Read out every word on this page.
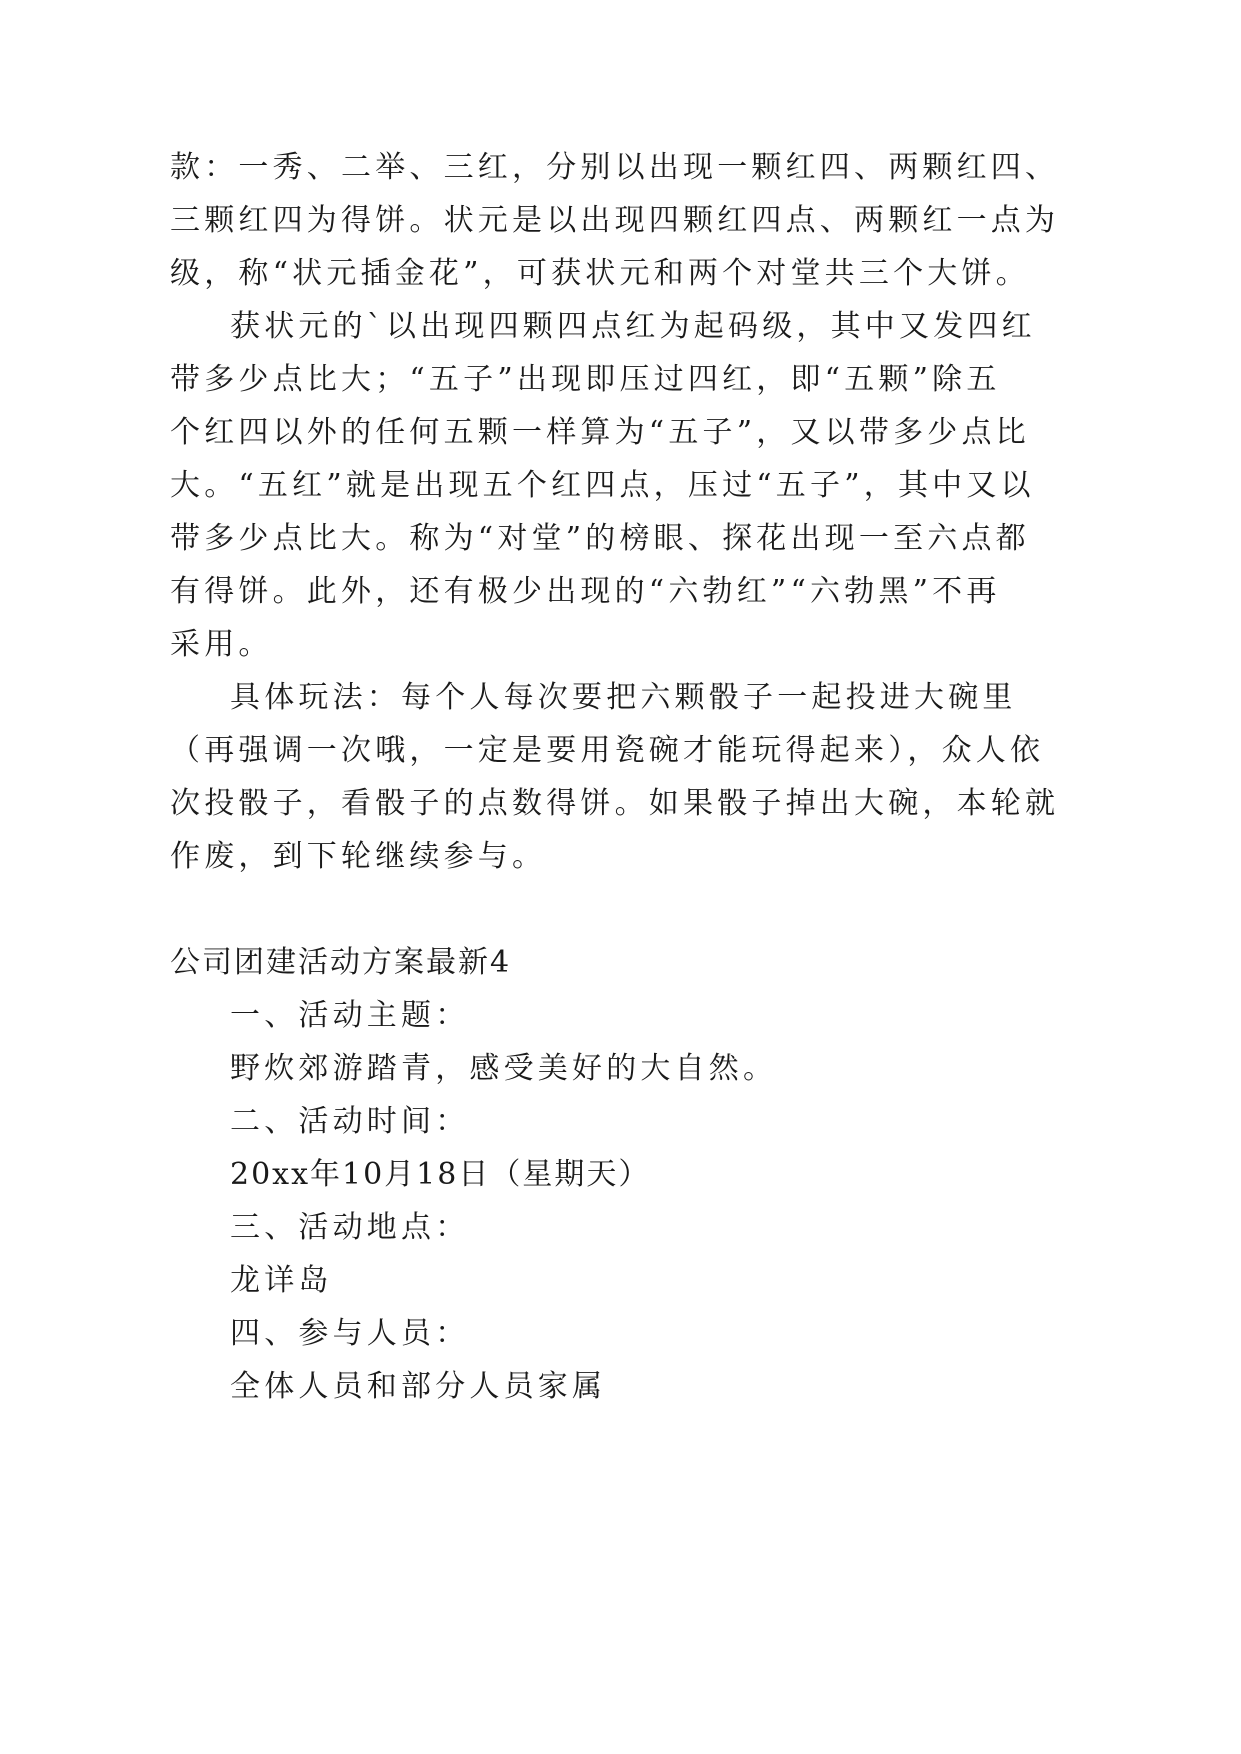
款：一秀、二举、三红，分别以出现一颗红四、两颗红四、
三颗红四为得饼。状元是以出现四颗红四点、两颗红一点为
级，称“状元插金花”，可获状元和两个对堂共三个大饼。
获状元的`以出现四颗四点红为起码级，其中又发四红
带多少点比大；“五子”出现即压过四红，即“五颗”除五
个红四以外的任何五颗一样算为“五子”，又以带多少点比
大。“五红”就是出现五个红四点，压过“五子”，其中又以
带多少点比大。称为“对堂”的榜眼、探花出现一至六点都
有得饼。此外，还有极少出现的“六勃红”“六勃黑”不再
采用。
具体玩法：每个人每次要把六颗骰子一起投进大碗里
（再强调一次哦，一定是要用瓷碗才能玩得起来），众人依
次投骰子，看骰子的点数得饼。如果骰子掉出大碗，本轮就
作废，到下轮继续参与。
公司团建活动方案最新4
一、活动主题：
野炊郊游踏青，感受美好的大自然。
二、活动时间：
20xx年10月18日（星期天）
三、活动地点：
龙详岛
四、参与人员：
全体人员和部分人员家属
